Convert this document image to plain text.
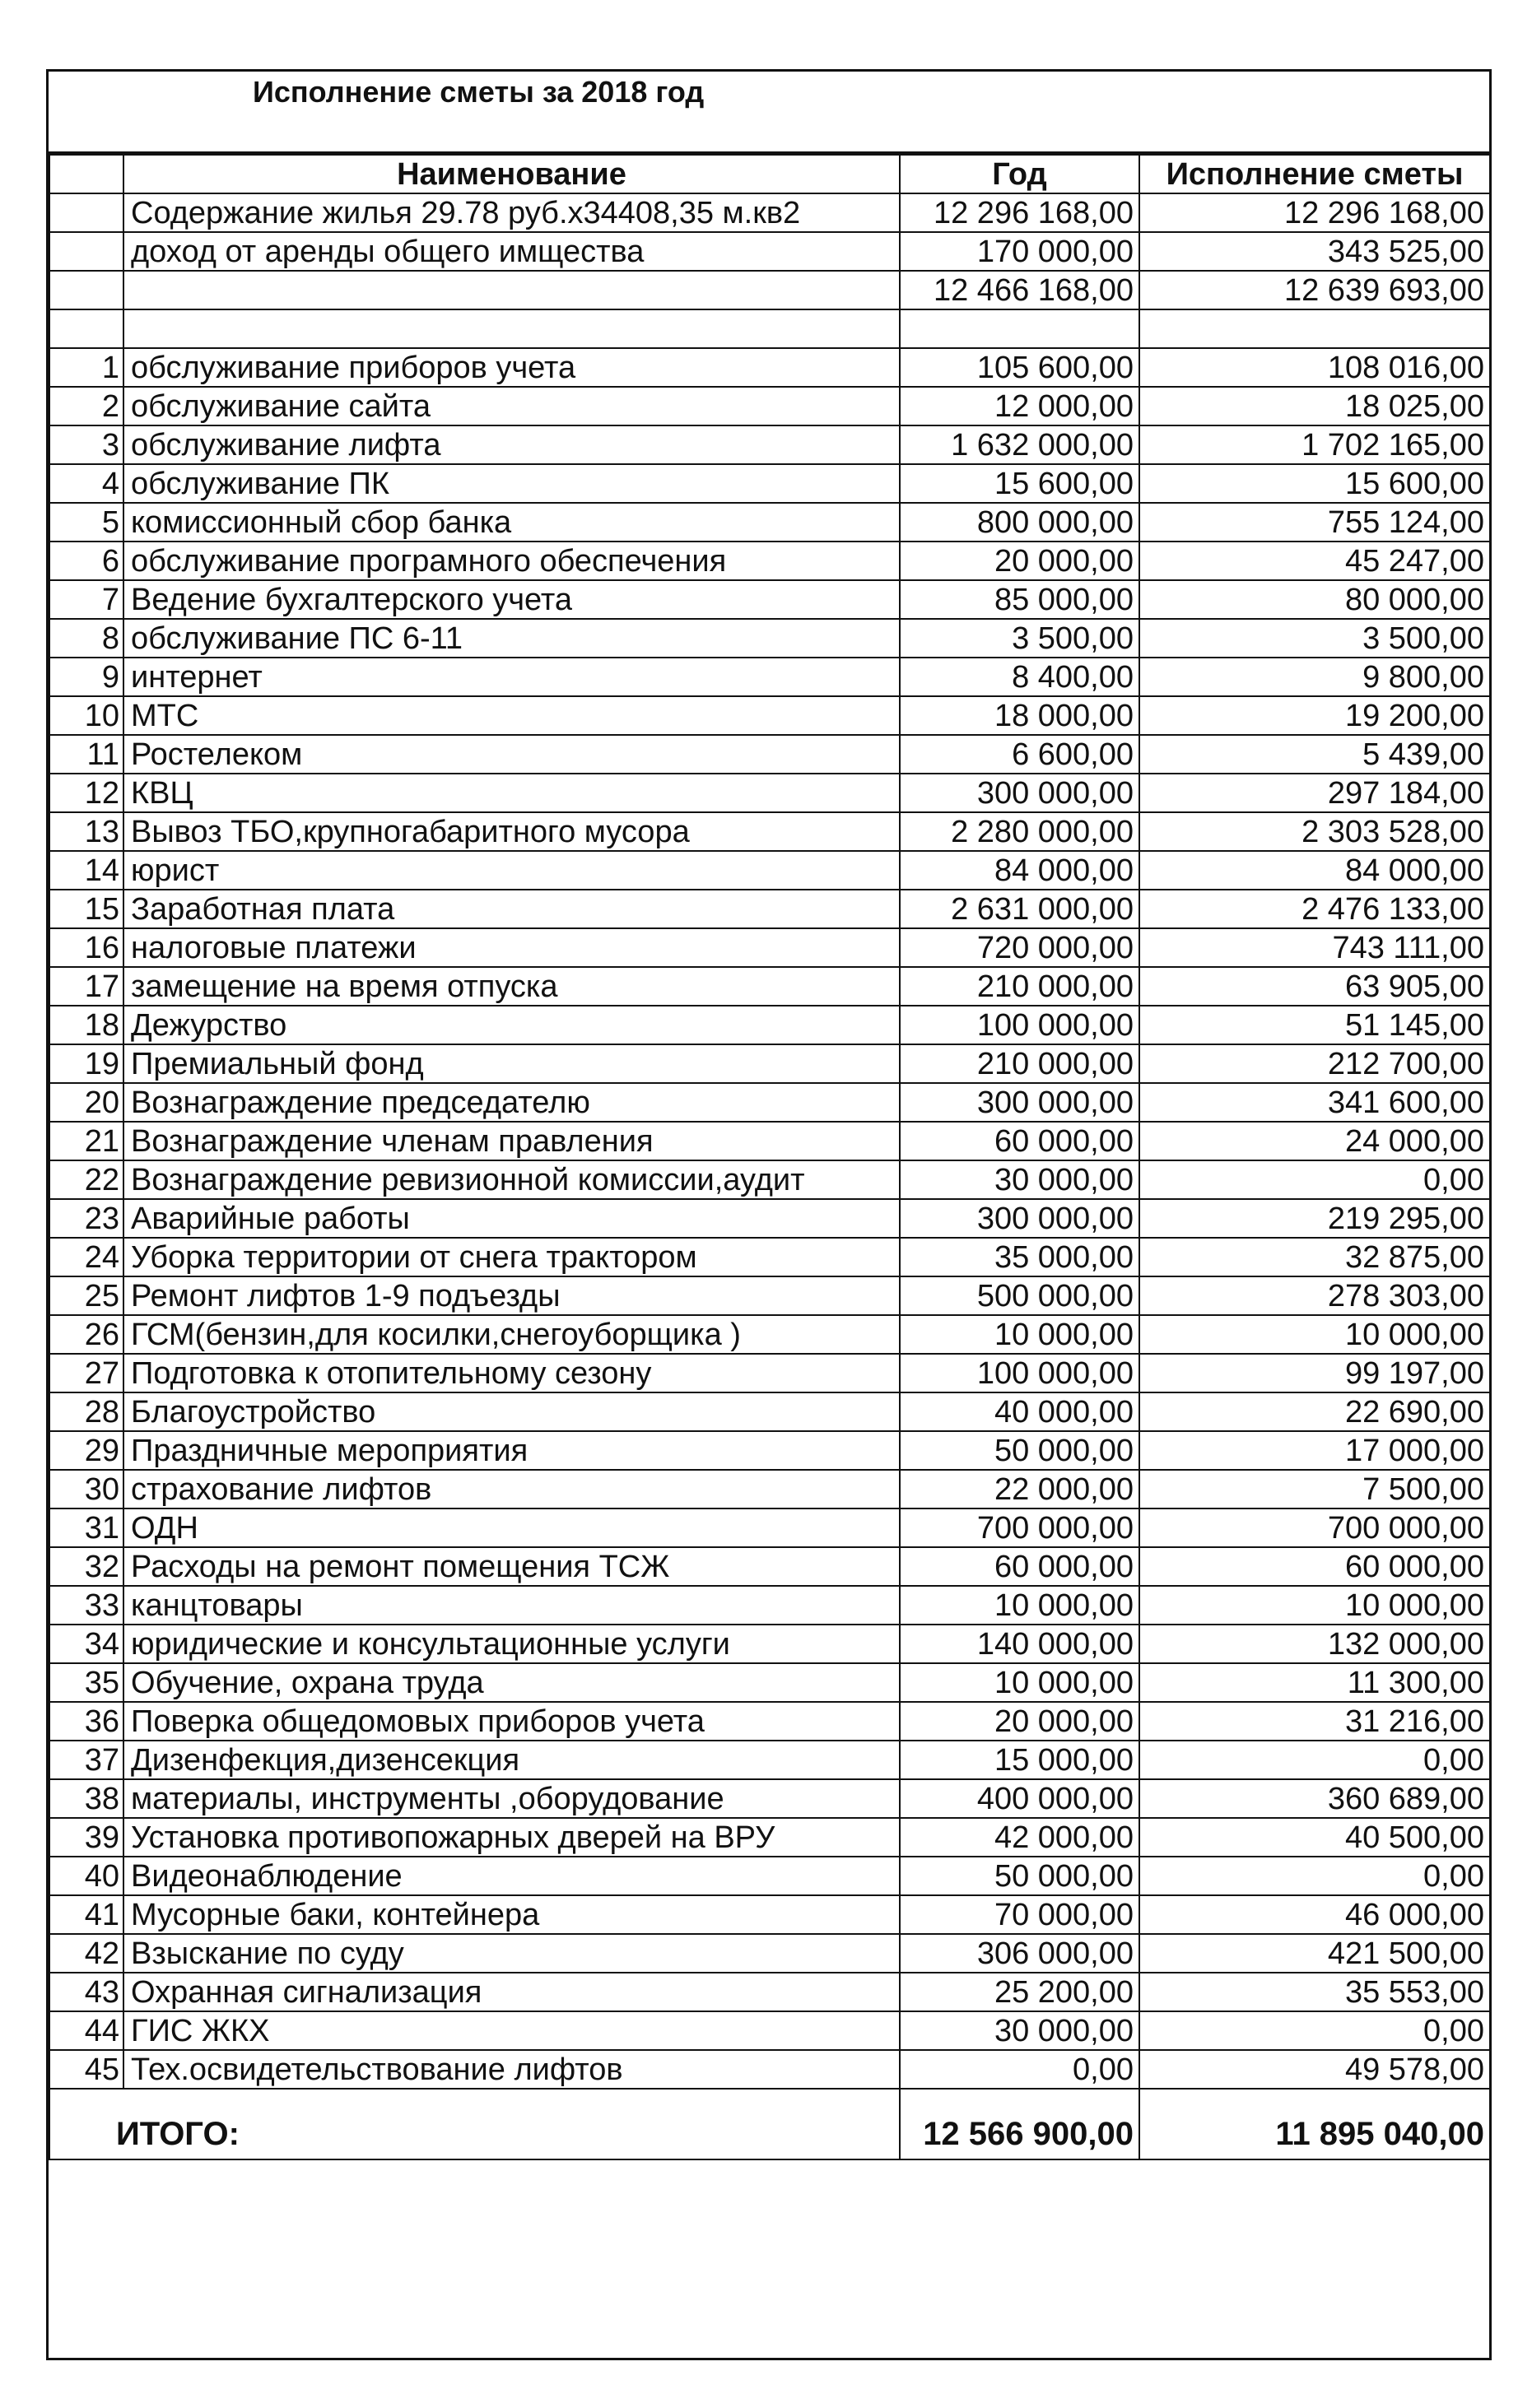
Исполнение сметы за 2018 год
	Наименование	Год	Исполнение сметы
	Содержание жилья 29.78 руб.х34408,35 м.кв2	12 296 168,00	12 296 168,00
	доход от аренды общего имщества	170 000,00	343 525,00
		12 466 168,00	12 639 693,00

1	обслуживание приборов учета	105 600,00	108 016,00
2	обслуживание сайта	12 000,00	18 025,00
3	обслуживание лифта	1 632 000,00	1 702 165,00
4	обслуживание ПК	15 600,00	15 600,00
5	комиссионный сбор банка	800 000,00	755 124,00
6	обслуживание програмного обеспечения	20 000,00	45 247,00
7	Ведение бухгалтерского учета	85 000,00	80 000,00
8	обслуживание ПС 6-11	3 500,00	3 500,00
9	интернет	8 400,00	9 800,00
10	МТС	18 000,00	19 200,00
11	Ростелеком	6 600,00	5 439,00
12	КВЦ	300 000,00	297 184,00
13	Вывоз ТБО,крупногабаритного мусора	2 280 000,00	2 303 528,00
14	юрист	84 000,00	84 000,00
15	Заработная плата	2 631 000,00	2 476 133,00
16	налоговые платежи	720 000,00	743 111,00
17	замещение на время отпуска	210 000,00	63 905,00
18	Дежурство	100 000,00	51 145,00
19	Премиальный фонд	210 000,00	212 700,00
20	Вознаграждение председателю	300 000,00	341 600,00
21	Вознаграждение членам правления	60 000,00	24 000,00
22	Вознаграждение ревизионной комиссии,аудит	30 000,00	0,00
23	Аварийные работы	300 000,00	219 295,00
24	Уборка территории от снега трактором	35 000,00	32 875,00
25	Ремонт лифтов 1-9 подъезды	500 000,00	278 303,00
26	ГСМ(бензин,для косилки,снегоуборщика )	10 000,00	10 000,00
27	Подготовка к отопительному сезону	100 000,00	99 197,00
28	Благоустройство	40 000,00	22 690,00
29	Праздничные мероприятия	50 000,00	17 000,00
30	страхование лифтов	22 000,00	7 500,00
31	ОДН	700 000,00	700 000,00
32	Расходы на ремонт помещения ТСЖ	60 000,00	60 000,00
33	канцтовары	10 000,00	10 000,00
34	юридические и консультационные услуги	140 000,00	132 000,00
35	Обучение, охрана труда	10 000,00	11 300,00
36	Поверка общедомовых приборов учета	20 000,00	31 216,00
37	Дизенфекция,дизенсекция	15 000,00	0,00
38	материалы, инструменты ,оборудование	400 000,00	360 689,00
39	Установка противопожарных дверей на ВРУ	42 000,00	40 500,00
40	Видеонаблюдение	50 000,00	0,00
41	Мусорные баки, контейнера	70 000,00	46 000,00
42	Взыскание по суду	306 000,00	421 500,00
43	Охранная сигнализация	25 200,00	35 553,00
44	ГИС ЖКХ	30 000,00	0,00
45	Тех.освидетельствование лифтов	0,00	49 578,00
ИТОГО:		12 566 900,00	11 895 040,00
